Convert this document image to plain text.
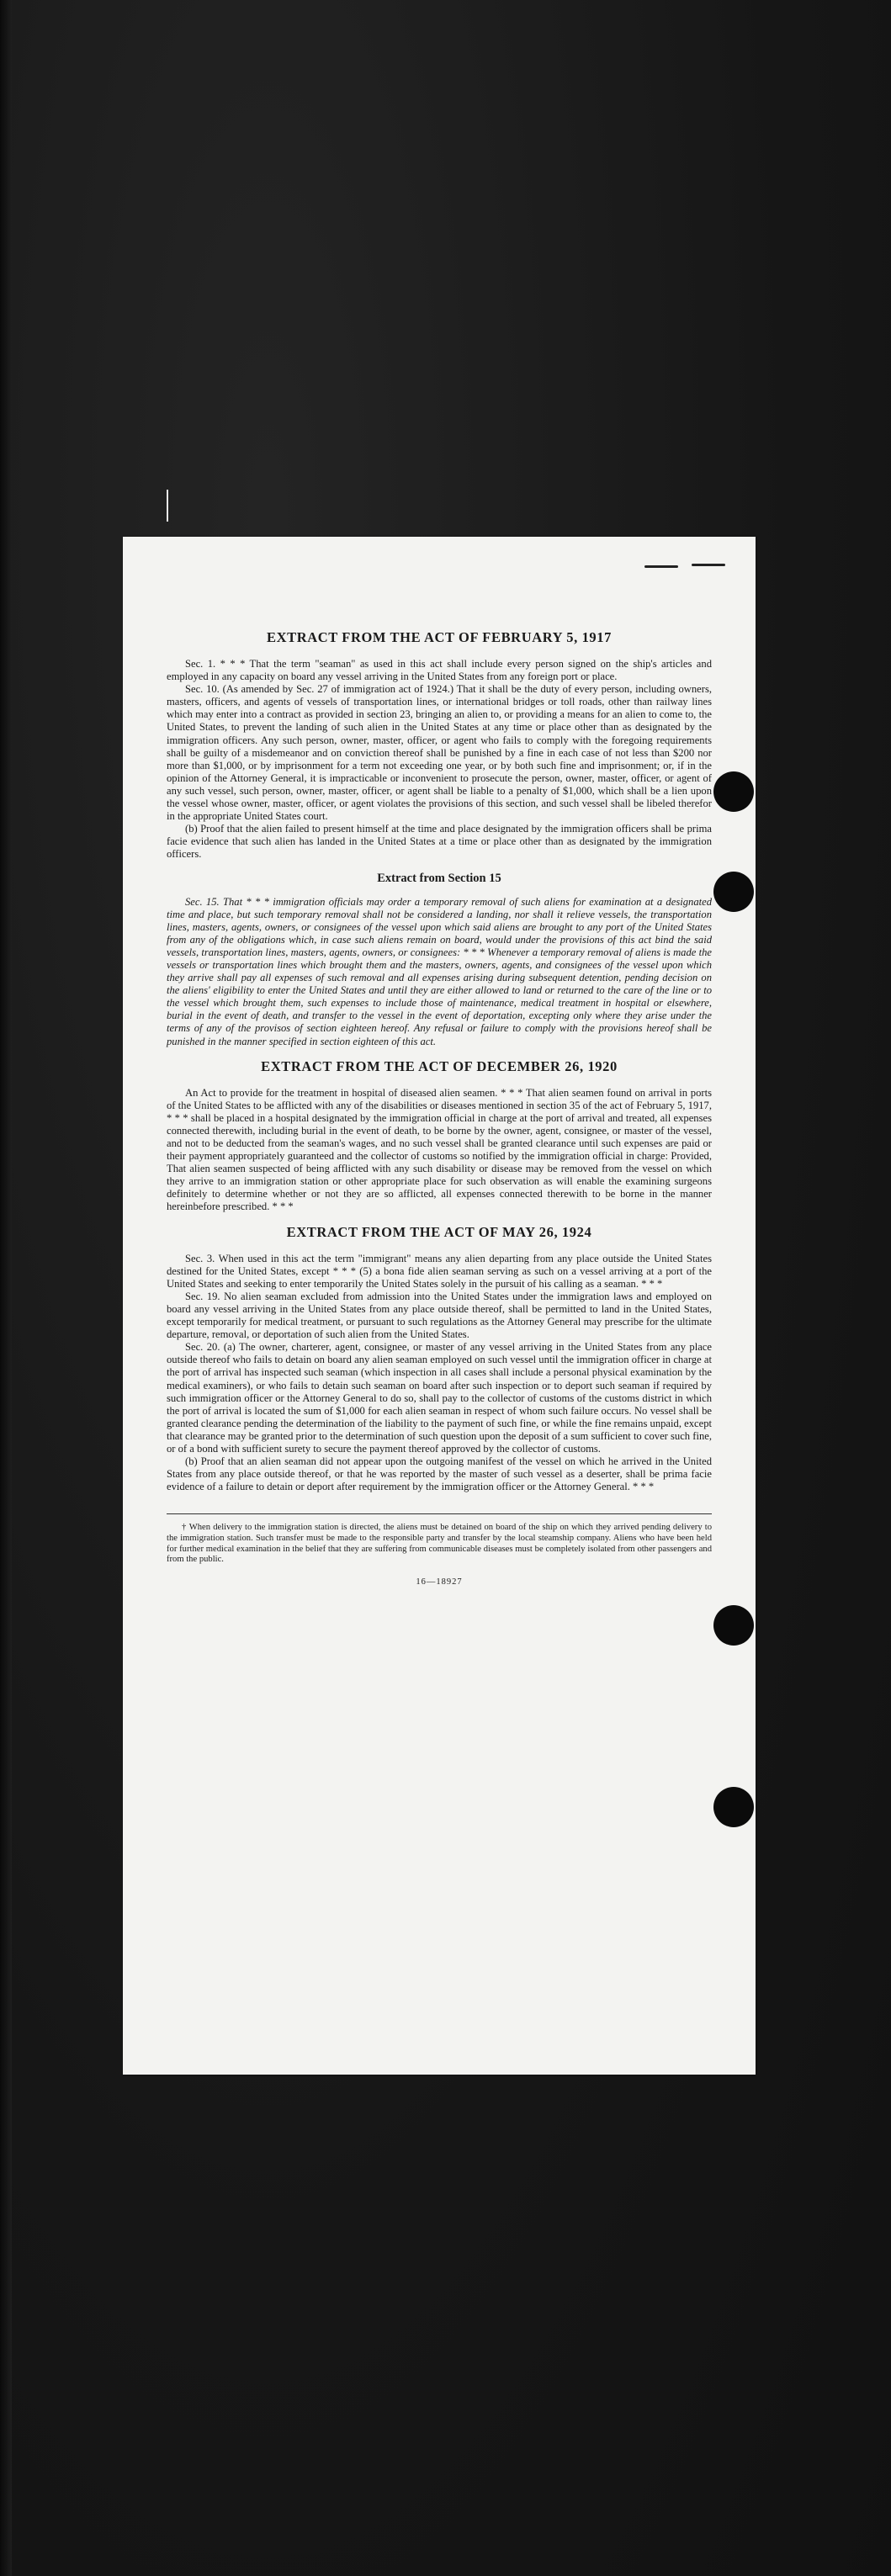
EXTRACT FROM THE ACT OF FEBRUARY 5, 1917

Sec. 1. * * * That the term "seaman" as used in this act shall include every person signed on the ship's articles and employed in any capacity on board any vessel arriving in the United States from any foreign port or place.

Sec. 10. (As amended by Sec. 27 of immigration act of 1924.) That it shall be the duty of every person, including owners, masters, officers, and agents of vessels of transportation lines, or international bridges or toll roads, other than railway lines which may enter into a contract as provided in section 23, bringing an alien to, or providing a means for an alien to come to, the United States, to prevent the landing of such alien in the United States at any time or place other than as designated by the immigration officers. Any such person, owner, master, officer, or agent who fails to comply with the foregoing requirements shall be guilty of a misdemeanor and on conviction thereof shall be punished by a fine in each case of not less than $200 nor more than $1,000, or by imprisonment for a term not exceeding one year, or by both such fine and imprisonment; or, if in the opinion of the Attorney General, it is impracticable or inconvenient to prosecute the person, owner, master, officer, or agent of any such vessel, such person, owner, master, officer, or agent shall be liable to a penalty of $1,000, which shall be a lien upon the vessel whose owner, master, officer, or agent violates the provisions of this section, and such vessel shall be libeled therefor in the appropriate United States court.

(b) Proof that the alien failed to present himself at the time and place designated by the immigration officers shall be prima facie evidence that such alien has landed in the United States at a time or place other than as designated by the immigration officers.

Extract from Section 15

Sec. 15. That * * * immigration officials may order a temporary removal of such aliens for examination at a designated time and place, but such temporary removal shall not be considered a landing, nor shall it relieve vessels, the transportation lines, masters, agents, owners, or consignees of the vessel upon which said aliens are brought to any port of the United States from any of the obligations which, in case such aliens remain on board, would under the provisions of this act bind the said vessels, transportation lines, masters, agents, owners, or consignees: * * * Whenever a temporary removal of aliens is made the vessels or transportation lines which brought them and the masters, owners, agents, and consignees of the vessel upon which they arrive shall pay all expenses of such removal and all expenses arising during subsequent detention, pending decision on the aliens' eligibility to enter the United States and until they are either allowed to land or returned to the care of the line or to the vessel which brought them, such expenses to include those of maintenance, medical treatment in hospital or elsewhere, burial in the event of death, and transfer to the vessel in the event of deportation, excepting only where they arise under the terms of any of the provisos of section eighteen hereof. Any refusal or failure to comply with the provisions hereof shall be punished in the manner specified in section eighteen of this act.

EXTRACT FROM THE ACT OF DECEMBER 26, 1920

An Act to provide for the treatment in hospital of diseased alien seamen. * * * That alien seamen found on arrival in ports of the United States to be afflicted with any of the disabilities or diseases mentioned in section 35 of the act of February 5, 1917, * * * shall be placed in a hospital designated by the immigration official in charge at the port of arrival and treated, all expenses connected therewith, including burial in the event of death, to be borne by the owner, agent, consignee, or master of the vessel, and not to be deducted from the seaman's wages, and no such vessel shall be granted clearance until such expenses are paid or their payment appropriately guaranteed and the collector of customs so notified by the immigration official in charge: Provided, That alien seamen suspected of being afflicted with any such disability or disease may be removed from the vessel on which they arrive to an immigration station or other appropriate place for such observation as will enable the examining surgeons definitely to determine whether or not they are so afflicted, all expenses connected therewith to be borne in the manner hereinbefore prescribed. * * *

EXTRACT FROM THE ACT OF MAY 26, 1924

Sec. 3. When used in this act the term "immigrant" means any alien departing from any place outside the United States destined for the United States, except * * * (5) a bona fide alien seaman serving as such on a vessel arriving at a port of the United States and seeking to enter temporarily the United States solely in the pursuit of his calling as a seaman. * * *

Sec. 19. No alien seaman excluded from admission into the United States under the immigration laws and employed on board any vessel arriving in the United States from any place outside thereof, shall be permitted to land in the United States, except temporarily for medical treatment, or pursuant to such regulations as the Attorney General may prescribe for the ultimate departure, removal, or deportation of such alien from the United States.

Sec. 20. (a) The owner, charterer, agent, consignee, or master of any vessel arriving in the United States from any place outside thereof who fails to detain on board any alien seaman employed on such vessel until the immigration officer in charge at the port of arrival has inspected such seaman (which inspection in all cases shall include a personal physical examination by the medical examiners), or who fails to detain such seaman on board after such inspection or to deport such seaman if required by such immigration officer or the Attorney General to do so, shall pay to the collector of customs of the customs district in which the port of arrival is located the sum of $1,000 for each alien seaman in respect of whom such failure occurs. No vessel shall be granted clearance pending the determination of the liability to the payment of such fine, or while the fine remains unpaid, except that clearance may be granted prior to the determination of such question upon the deposit of a sum sufficient to cover such fine, or of a bond with sufficient surety to secure the payment thereof approved by the collector of customs.

(b) Proof that an alien seaman did not appear upon the outgoing manifest of the vessel on which he arrived in the United States from any place outside thereof, or that he was reported by the master of such vessel as a deserter, shall be prima facie evidence of a failure to detain or deport after requirement by the immigration officer or the Attorney General. * * *

† When delivery to the immigration station is directed, the aliens must be detained on board of the ship on which they arrived pending delivery to the immigration station. Such transfer must be made to the responsible party and transfer by the local steamship company. Aliens who have been held for further medical examination in the belief that they are suffering from communicable diseases must be completely isolated from other passengers and from the public.

16—18927
